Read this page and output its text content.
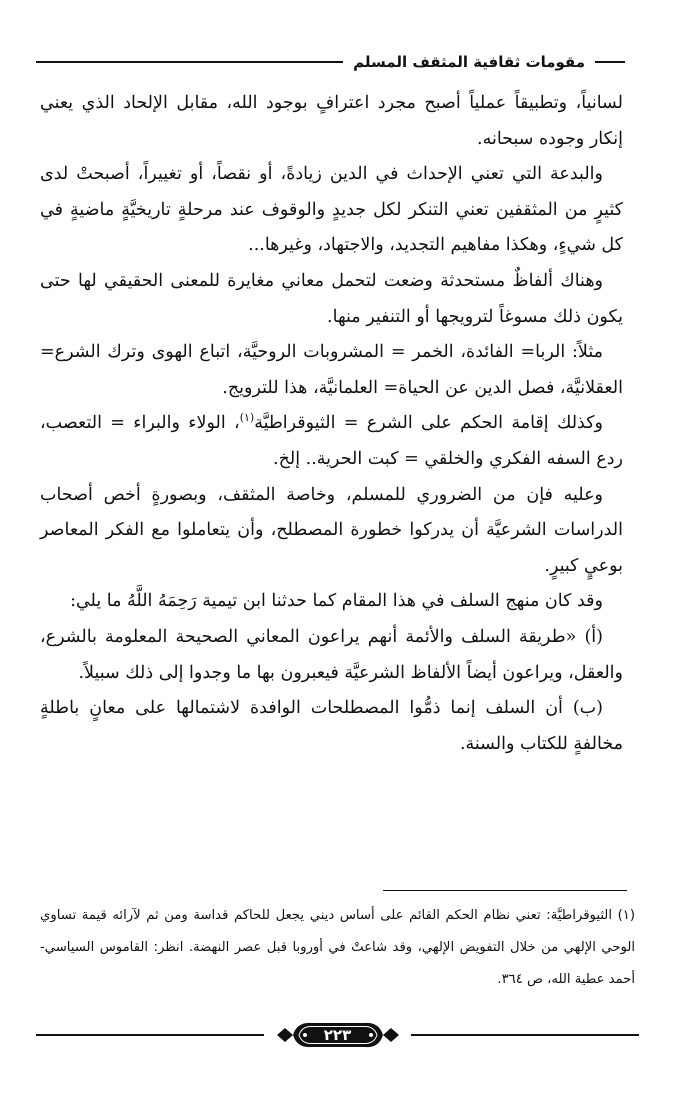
مقومات ثقافية المثقف المسلم

لسانياً، وتطبيقاً عملياً أصبح مجرد اعترافٍ بوجود الله، مقابل الإلحاد الذي يعني إنكار وجوده سبحانه.

والبدعة التي تعني الإحداث في الدين زيادةً، أو نقصاً، أو تغييراً، أصبحتْ لدى كثيرٍ من المثقفين تعني التنكر لكل جديدٍ والوقوف عند مرحلةٍ تاريخيَّةٍ ماضيةٍ في كل شيءٍ، وهكذا مفاهيم التجديد، والاجتهاد، وغيرها...

وهناك ألفاظٌ مستحدثة وضعت لتحمل معاني مغايرة للمعنى الحقيقي لها حتى يكون ذلك مسوغاً لترويجها أو التنفير منها.

مثلاً: الربا= الفائدة، الخمر = المشروبات الروحيَّة، اتباع الهوى وترك الشرع= العقلانيَّة، فصل الدين عن الحياة= العلمانيَّة، هذا للترويج.

وكذلك إقامة الحكم على الشرع = الثيوقراطيَّة$^{(١)}$، الولاء والبراء = التعصب، ردع السفه الفكري والخلقي = كبت الحرية.. إلخ.

وعليه فإن من الضروري للمسلم، وخاصة المثقف، وبصورةٍ أخص أصحاب الدراسات الشرعيَّة أن يدركوا خطورة المصطلح، وأن يتعاملوا مع الفكر المعاصر بوعيٍ كبيرٍ.

وقد كان منهج السلف في هذا المقام كما حدثنا ابن تيمية رَحِمَهُ اللَّهُ ما يلي:

(أ) «طريقة السلف والأئمة أنهم يراعون المعاني الصحيحة المعلومة بالشرع، والعقل، ويراعون أيضاً الألفاظ الشرعيَّة فيعبرون بها ما وجدوا إلى ذلك سبيلاً.

(ب) أن السلف إنما ذمُّوا المصطلحات الوافدة لاشتمالها على معانٍ باطلةٍ مخالفةٍ للكتاب والسنة.

(١) الثيوقراطيَّة: تعني نظام الحكم القائم على أساس ديني يجعل للحاكم قداسة ومن ثم لآرائه قيمة تساوي الوحي الإلهي من خلال التفويض الإلهي، وقد شاعتْ في أوروبا قبل عصر النهضة. انظر: القاموس السياسي-أحمد عطية الله، ص ٣٦٤.

٢٢٣
